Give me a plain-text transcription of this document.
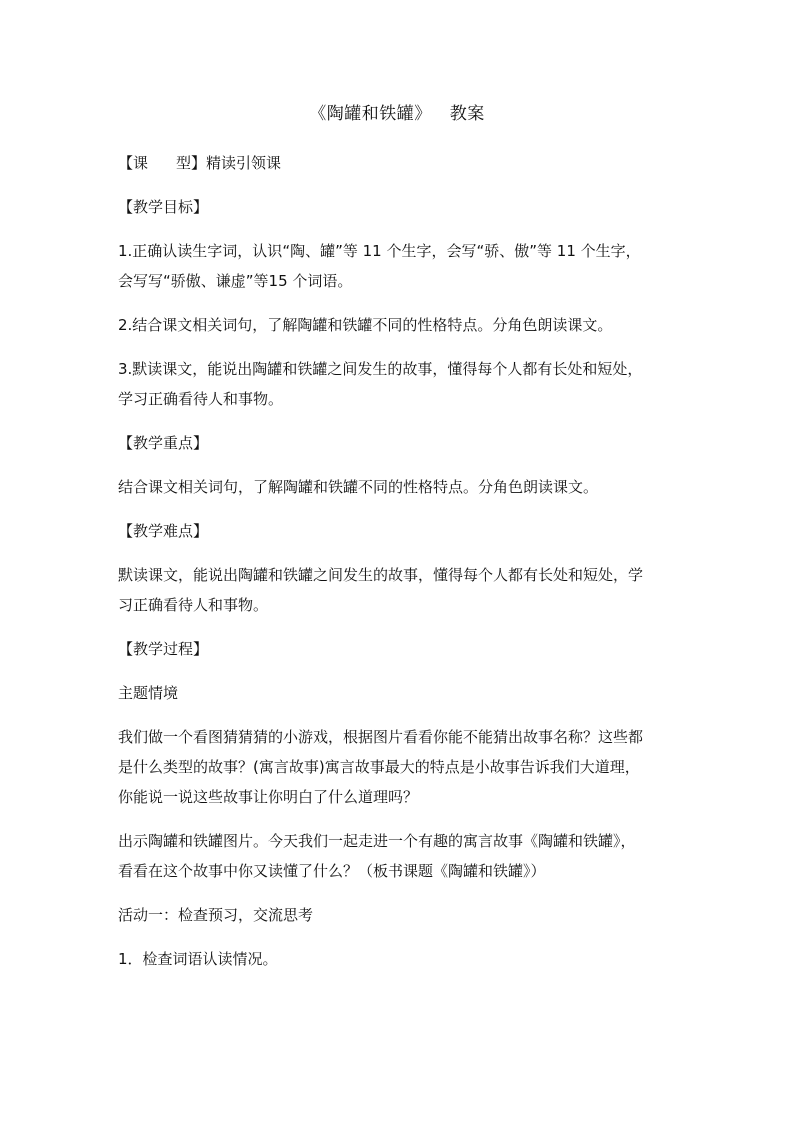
《陶罐和铁罐》 教案
【课 型】精读引领课
【教学目标】
1.正确认读生字词，认识“陶、罐”等 11 个生字，会写“骄、傲”等 11 个生字，
会写写“骄傲、谦虚”等15 个词语。
2.结合课文相关词句，了解陶罐和铁罐不同的性格特点。分角色朗读课文。
3.默读课文，能说出陶罐和铁罐之间发生的故事，懂得每个人都有长处和短处，
学习正确看待人和事物。
【教学重点】
结合课文相关词句，了解陶罐和铁罐不同的性格特点。分角色朗读课文。
【教学难点】
默读课文，能说出陶罐和铁罐之间发生的故事，懂得每个人都有长处和短处，学
习正确看待人和事物。
【教学过程】
主题情境
我们做一个看图猜猜猜的小游戏，根据图片看看你能不能猜出故事名称？这些都
是什么类型的故事？(寓言故事)寓言故事最大的特点是小故事告诉我们大道理，
你能说一说这些故事让你明白了什么道理吗？
出示陶罐和铁罐图片。今天我们一起走进一个有趣的寓言故事《陶罐和铁罐》，
看看在这个故事中你又读懂了什么？（板书课题《陶罐和铁罐》）
活动一：检查预习，交流思考
1．检查词语认读情况。
